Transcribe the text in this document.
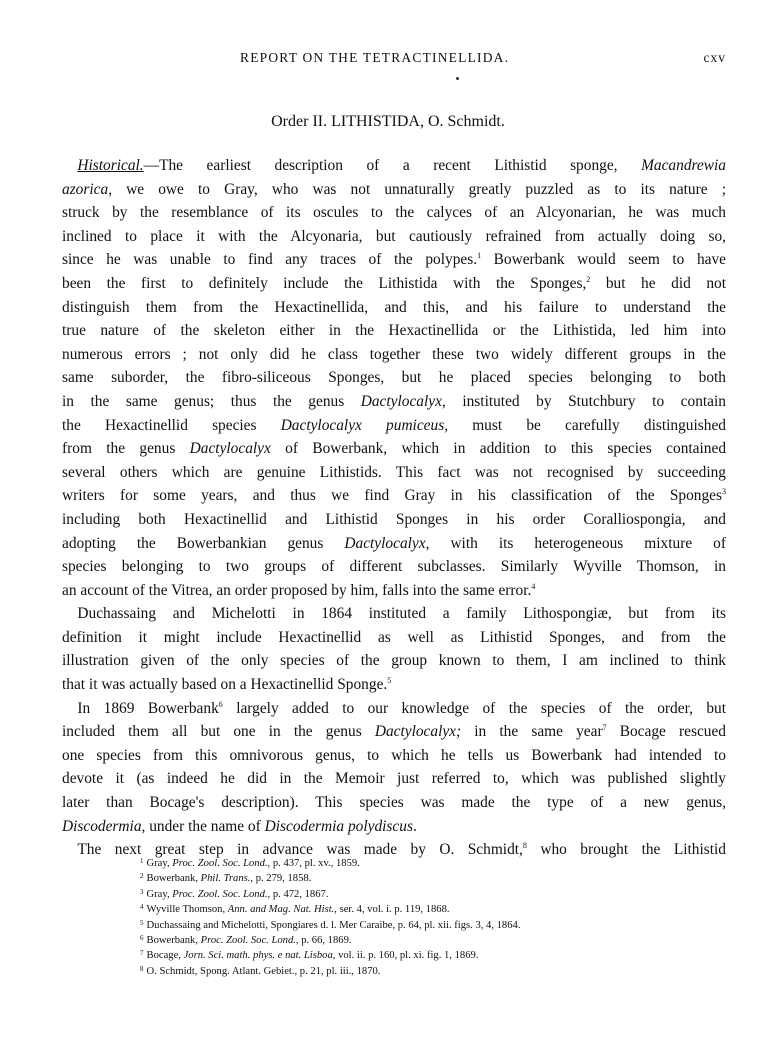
REPORT ON THE TETRACTINELLIDA.	cxv
Order II. LITHISTIDA, O. Schmidt.
 Historical.—The earliest description of a recent Lithistid sponge, Macandrewia
azorica, we owe to Gray, who was not unnaturally greatly puzzled as to its nature ;
struck by the resemblance of its oscules to the calyces of an Alcyonarian, he was much
inclined to place it with the Alcyonaria, but cautiously refrained from actually doing so,
since he was unable to find any traces of the polypes.$^1$ Bowerbank would seem to have
been the first to definitely include the Lithistida with the Sponges,$^2$ but he did not
distinguish them from the Hexactinellida, and this, and his failure to understand the
true nature of the skeleton either in the Hexactinellida or the Lithistida, led him into
numerous errors ; not only did he class together these two widely different groups in the
same suborder, the fibro-siliceous Sponges, but he placed species belonging to both
in the same genus; thus the genus Dactylocalyx, instituted by Stutchbury to contain
the Hexactinellid species Dactylocalyx pumiceus, must be carefully distinguished
from the genus Dactylocalyx of Bowerbank, which in addition to this species contained
several others which are genuine Lithistids. This fact was not recognised by succeeding
writers for some years, and thus we find Gray in his classification of the Sponges$^3$
including both Hexactinellid and Lithistid Sponges in his order Coralliospongia, and
adopting the Bowerbankian genus Dactylocalyx, with its heterogeneous mixture of
species belonging to two groups of different subclasses. Similarly Wyville Thomson, in
an account of the Vitrea, an order proposed by him, falls into the same error.$^4$
 Duchassaing and Michelotti in 1864 instituted a family Lithospongiæ, but from its
definition it might include Hexactinellid as well as Lithistid Sponges, and from the
illustration given of the only species of the group known to them, I am inclined to think
that it was actually based on a Hexactinellid Sponge.$^5$
 In 1869 Bowerbank$^6$ largely added to our knowledge of the species of the order, but
included them all but one in the genus Dactylocalyx; in the same year$^7$ Bocage rescued
one species from this omnivorous genus, to which he tells us Bowerbank had intended to
devote it (as indeed he did in the Memoir just referred to, which was published slightly
later than Bocage's description). This species was made the type of a new genus,
Discodermia, under the name of Discodermia polydiscus.
 The next great step in advance was made by O. Schmidt,$^8$ who brought the Lithistid
$^1$ Gray, Proc. Zool. Soc. Lond., p. 437, pl. xv., 1859.
$^2$ Bowerbank, Phil. Trans., p. 279, 1858.
$^3$ Gray, Proc. Zool. Soc. Lond., p. 472, 1867.
$^4$ Wyville Thomson, Ann. and Mag. Nat. Hist., ser. 4, vol. i. p. 119, 1868.
$^5$ Duchassaing and Michelotti, Spongiares d. l. Mer Caraibe, p. 64, pl. xii. figs. 3, 4, 1864.
$^6$ Bowerbank, Proc. Zool. Soc. Lond., p. 66, 1869.
$^7$ Bocage, Jorn. Sci. math. phys. e nat. Lisboa, vol. ii. p. 160, pl. xi. fig. 1, 1869.
$^8$ O. Schmidt, Spong. Atlant. Gebiet., p. 21, pl. iii., 1870.
